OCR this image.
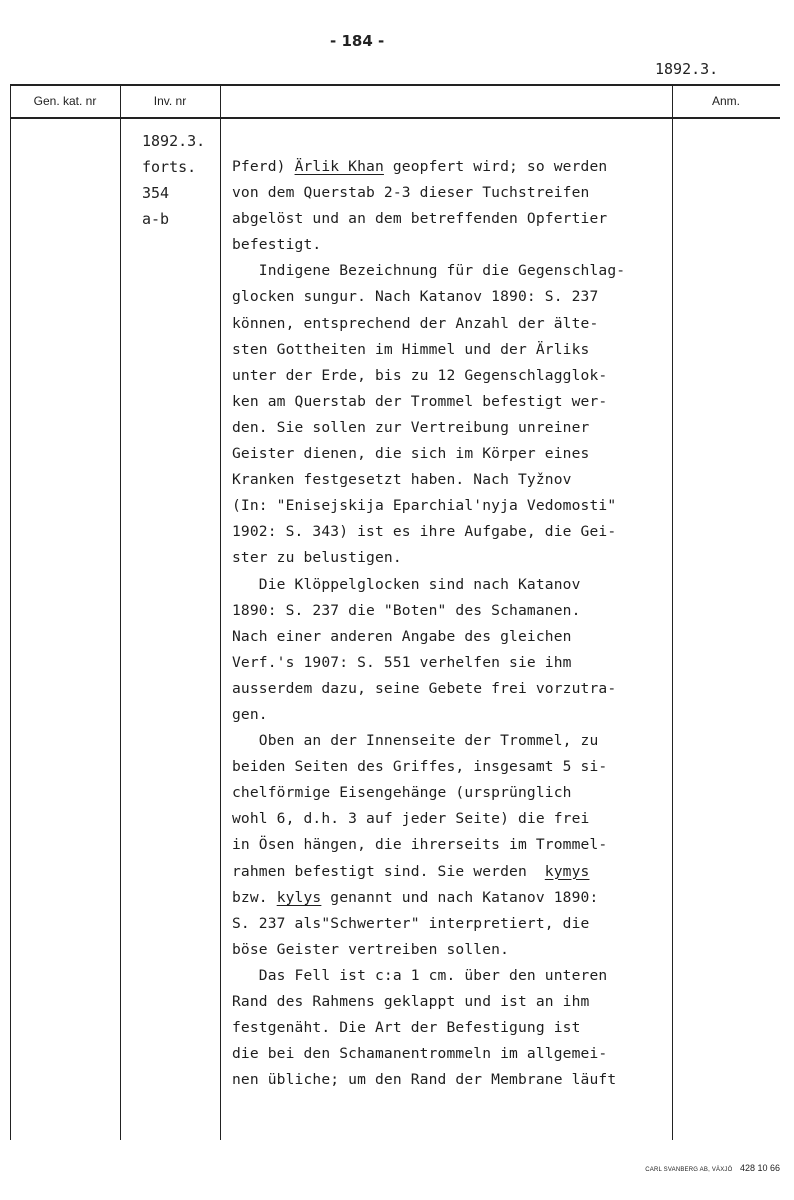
- 184 -
1892.3.
Gen. kat. nr	Inv. nr	Anm.
1892.3.
forts.
354
a-b
Pferd) Ärlik Khan geopfert wird; so werden
von dem Querstab 2-3 dieser Tuchstreifen
abgelöst und an dem betreffenden Opfertier
befestigt.
Indigene Bezeichnung für die Gegenschlag-
glocken sungur. Nach Katanov 1890: S. 237
können, entsprechend der Anzahl der älte-
sten Gottheiten im Himmel und der Ärliks
unter der Erde, bis zu 12 Gegenschlagglok-
ken am Querstab der Trommel befestigt wer-
den. Sie sollen zur Vertreibung unreiner
Geister dienen, die sich im Körper eines
Kranken festgesetzt haben. Nach Tyžnov
(In: "Enisejskija Eparchial'nyja Vedomosti"
1902: S. 343) ist es ihre Aufgabe, die Gei-
ster zu belustigen.
Die Klöppelglocken sind nach Katanov
1890: S. 237 die "Boten" des Schamanen.
Nach einer anderen Angabe des gleichen
Verf.'s 1907: S. 551 verhelfen sie ihm
ausserdem dazu, seine Gebete frei vorzutra-
gen.
Oben an der Innenseite der Trommel, zu
beiden Seiten des Griffes, insgesamt 5 si-
chelförmige Eisengehänge (ursprünglich
wohl 6, d.h. 3 auf jeder Seite) die frei
in Ösen hängen, die ihrerseits im Trommel-
rahmen befestigt sind. Sie werden  kymys
bzw. kylys genannt und nach Katanov 1890:
S. 237 als"Schwerter" interpretiert, die
böse Geister vertreiben sollen.
Das Fell ist c:a 1 cm. über den unteren
Rand des Rahmens geklappt und ist an ihm
festgenäht. Die Art der Befestigung ist
die bei den Schamanentrommeln im allgemei-
nen übliche; um den Rand der Membrane läuft
CARL SVANBERG AB, VÄXJÖ 428 10 66
